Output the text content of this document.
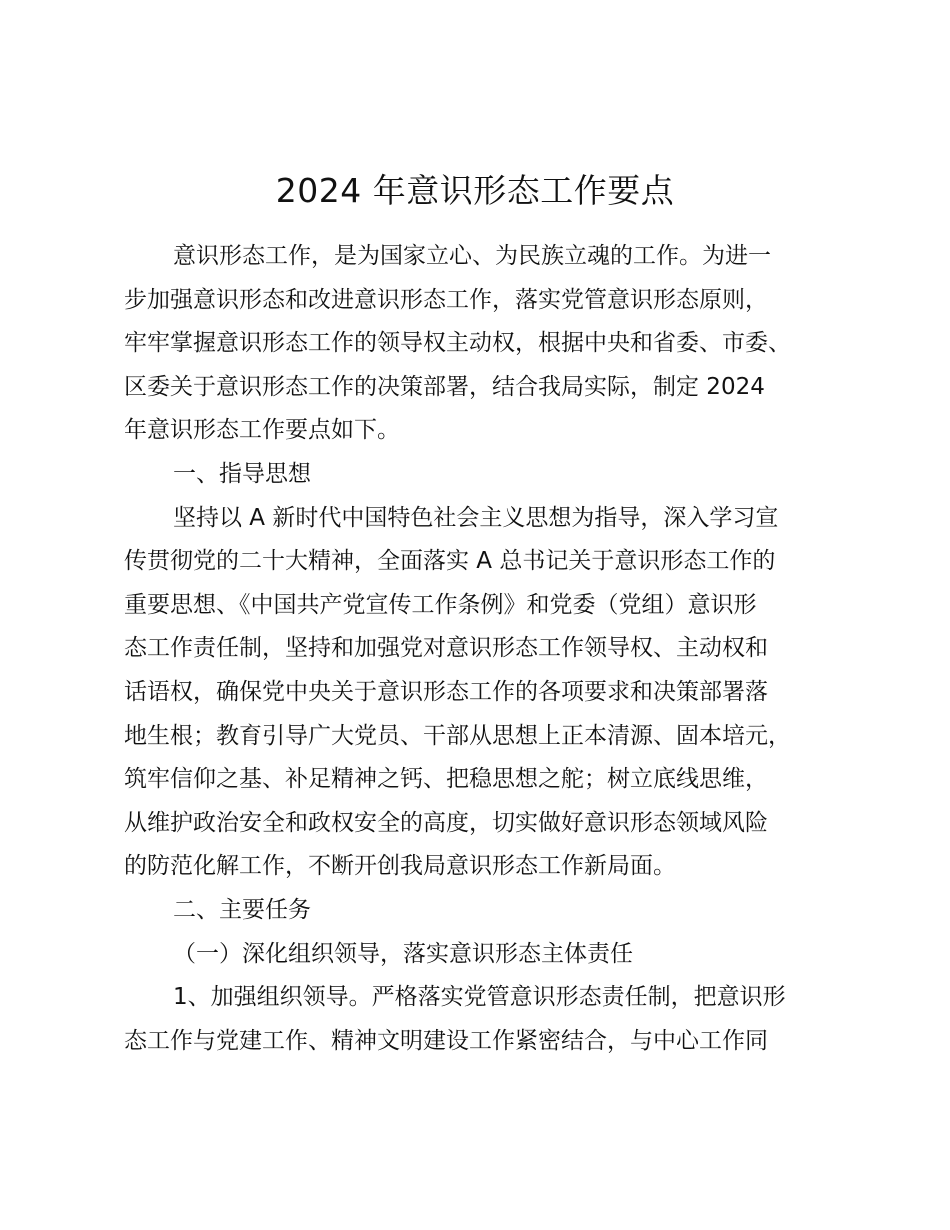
2024 年意识形态工作要点
意识形态工作，是为国家立心、为民族立魂的工作。为进一
步加强意识形态和改进意识形态工作，落实党管意识形态原则，
牢牢掌握意识形态工作的领导权主动权，根据中央和省委、市委、
区委关于意识形态工作的决策部署，结合我局实际，制定 2024
年意识形态工作要点如下。
一、指导思想
坚持以 A 新时代中国特色社会主义思想为指导，深入学习宣
传贯彻党的二十大精神，全面落实 A 总书记关于意识形态工作的
重要思想、《中国共产党宣传工作条例》和党委（党组）意识形
态工作责任制，坚持和加强党对意识形态工作领导权、主动权和
话语权，确保党中央关于意识形态工作的各项要求和决策部署落
地生根；教育引导广大党员、干部从思想上正本清源、固本培元，
筑牢信仰之基、补足精神之钙、把稳思想之舵；树立底线思维，
从维护政治安全和政权安全的高度，切实做好意识形态领域风险
的防范化解工作，不断开创我局意识形态工作新局面。
二、主要任务
（一）深化组织领导，落实意识形态主体责任
1、加强组织领导。严格落实党管意识形态责任制，把意识形
态工作与党建工作、精神文明建设工作紧密结合，与中心工作同
